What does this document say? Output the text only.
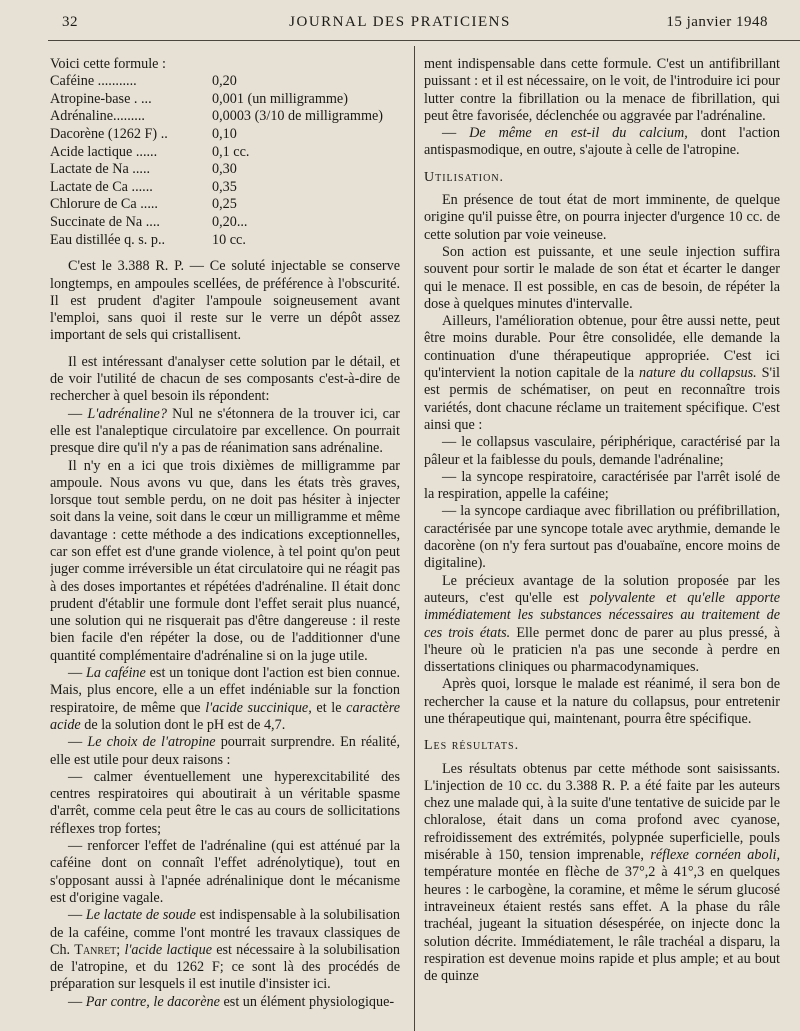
32	JOURNAL DES PRATICIENS	15 janvier 1948

Voici cette formule :

Caféine ...........	0,20
Atropine-base . ...	0,001 (un milligramme)
Adrénaline.........	0,0003 (3/10 de milligramme)
Dacorène (1262 F) ..	0,10
Acide lactique ......	0,1 cc.
Lactate de Na .....	0,30
Lactate de Ca ......	0,35
Chlorure de Ca .....	0,25
Succinate de Na ....	0,20...
Eau distillée q. s. p..	10 cc.

C'est le 3.388 R. P. — Ce soluté injectable se conserve longtemps, en ampoules scellées, de préférence à l'obscurité. Il est prudent d'agiter l'ampoule soigneusement avant l'emploi, sans quoi il reste sur le verre un dépôt assez important de sels qui cristallisent.

Il est intéressant d'analyser cette solution par le détail, et de voir l'utilité de chacun de ses composants c'est-à-dire de rechercher à quel besoin ils répondent:

— L'adrénaline? Nul ne s'étonnera de la trouver ici, car elle est l'analeptique circulatoire par excellence. On pourrait presque dire qu'il n'y a pas de réanimation sans adrénaline.

Il n'y en a ici que trois dixièmes de milligramme par ampoule. Nous avons vu que, dans les états très graves, lorsque tout semble perdu, on ne doit pas hésiter à injecter soit dans la veine, soit dans le cœur un milligramme et même davantage : cette méthode a des indications exceptionnelles, car son effet est d'une grande violence, à tel point qu'on peut juger comme irréversible un état circulatoire qui ne réagit pas à des doses importantes et répétées d'adrénaline. Il était donc prudent d'établir une formule dont l'effet serait plus nuancé, une solution qui ne risquerait pas d'être dangereuse : il reste bien facile d'en répéter la dose, ou de l'additionner d'une quantité complémentaire d'adrénaline si on la juge utile.

— La caféine est un tonique dont l'action est bien connue. Mais, plus encore, elle a un effet indéniable sur la fonction respiratoire, de même que l'acide succinique, et le caractère acide de la solution dont le pH est de 4,7.

— Le choix de l'atropine pourrait surprendre. En réalité, elle est utile pour deux raisons :

— calmer éventuellement une hyperexcitabilité des centres respiratoires qui aboutirait à un véritable spasme d'arrêt, comme cela peut être le cas au cours de sollicitations réflexes trop fortes;

— renforcer l'effet de l'adrénaline (qui est atténué par la caféine dont on connaît l'effet adrénolytique), tout en s'opposant aussi à l'apnée adrénalinique dont le mécanisme est d'origine vagale.

— Le lactate de soude est indispensable à la solubilisation de la caféine, comme l'ont montré les travaux classiques de Ch. Tanret; l'acide lactique est nécessaire à la solubilisation de l'atropine, et du 1262 F; ce sont là des procédés de préparation sur lesquels il est inutile d'insister ici.

— Par contre, le dacorène est un élément physiologique-

ment indispensable dans cette formule. C'est un antifibrillant puissant : et il est nécessaire, on le voit, de l'introduire ici pour lutter contre la fibrillation ou la menace de fibrillation, qui peut être favorisée, déclenchée ou aggravée par l'adrénaline.

— De même en est-il du calcium, dont l'action antispasmodique, en outre, s'ajoute à celle de l'atropine.

Utilisation.

En présence de tout état de mort imminente, de quelque origine qu'il puisse être, on pourra injecter d'urgence 10 cc. de cette solution par voie veineuse.

Son action est puissante, et une seule injection suffira souvent pour sortir le malade de son état et écarter le danger qui le menace. Il est possible, en cas de besoin, de répéter la dose à quelques minutes d'intervalle.

Ailleurs, l'amélioration obtenue, pour être aussi nette, peut être moins durable. Pour être consolidée, elle demande la continuation d'une thérapeutique appropriée. C'est ici qu'intervient la notion capitale de la nature du collapsus. S'il est permis de schématiser, on peut en reconnaître trois variétés, dont chacune réclame un traitement spécifique. C'est ainsi que :

— le collapsus vasculaire, périphérique, caractérisé par la pâleur et la faiblesse du pouls, demande l'adrénaline;

— la syncope respiratoire, caractérisée par l'arrêt isolé de la respiration, appelle la caféine;

— la syncope cardiaque avec fibrillation ou préfibrillation, caractérisée par une syncope totale avec arythmie, demande le dacorène (on n'y fera surtout pas d'ouabaïne, encore moins de digitaline).

Le précieux avantage de la solution proposée par les auteurs, c'est qu'elle est polyvalente et qu'elle apporte immédiatement les substances nécessaires au traitement de ces trois états. Elle permet donc de parer au plus pressé, à l'heure où le praticien n'a pas une seconde à perdre en dissertations cliniques ou pharmacodynamiques.

Après quoi, lorsque le malade est réanimé, il sera bon de rechercher la cause et la nature du collapsus, pour entretenir une thérapeutique qui, maintenant, pourra être spécifique.

Les résultats.

Les résultats obtenus par cette méthode sont saisissants. L'injection de 10 cc. du 3.388 R. P. a été faite par les auteurs chez une malade qui, à la suite d'une tentative de suicide par le chloralose, était dans un coma profond avec cyanose, refroidissement des extrémités, polypnée superficielle, pouls misérable à 150, tension imprenable, réflexe cornéen aboli, température montée en flèche de 37°,2 à 41°,3 en quelques heures : le carbogène, la coramine, et même le sérum glucosé intraveineux étaient restés sans effet. A la phase du râle trachéal, jugeant la situation désespérée, on injecte donc la solution décrite. Immédiatement, le râle trachéal a disparu, la respiration est devenue moins rapide et plus ample; et au bout de quinze
